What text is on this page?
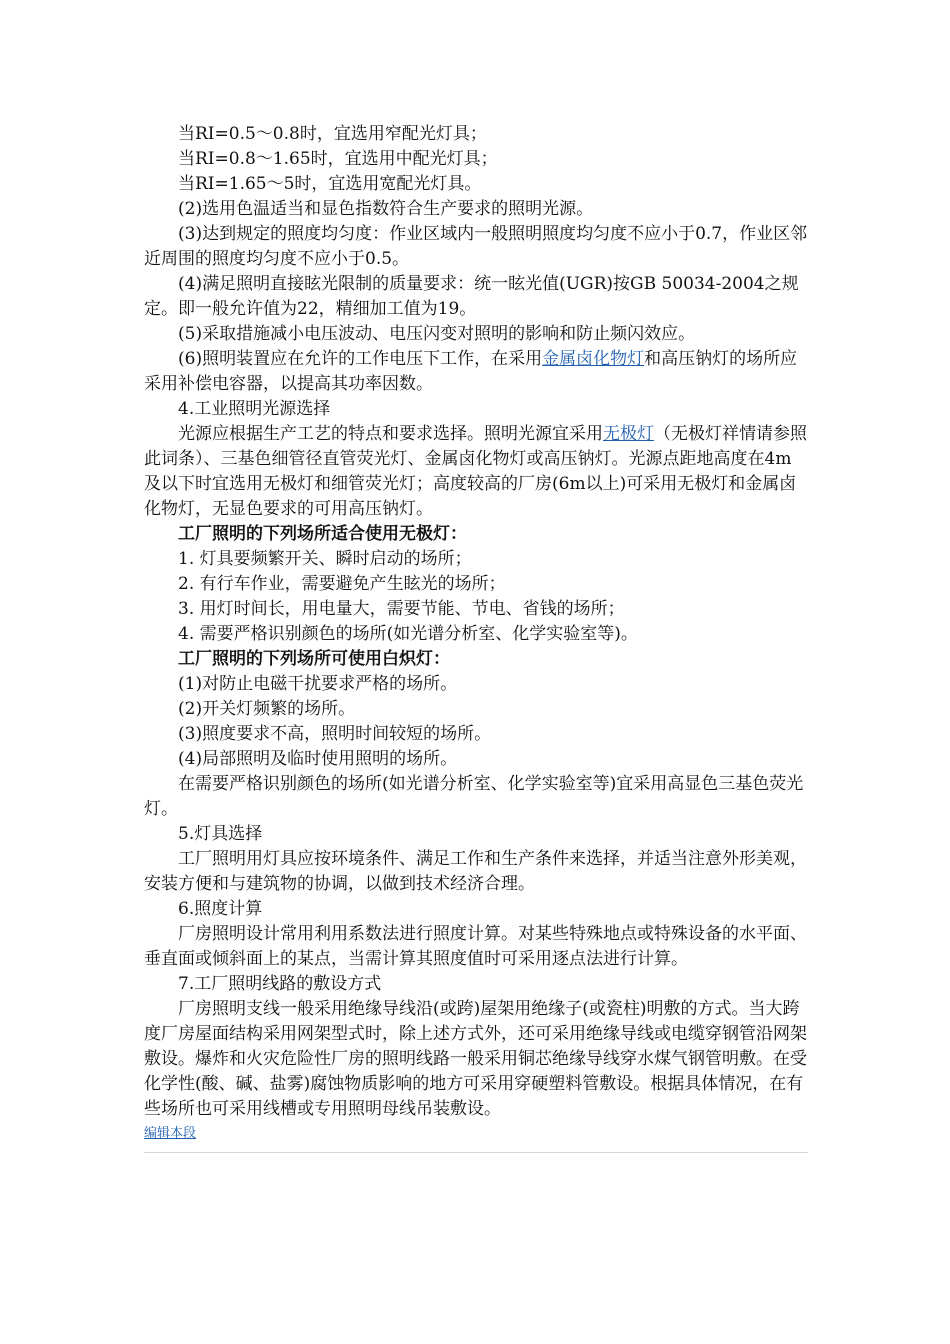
当RI=0.5～0.8时，宜选用窄配光灯具；

当RI=0.8～1.65时，宜选用中配光灯具；

当RI=1.65～5时，宜选用宽配光灯具。

(2)选用色温适当和显色指数符合生产要求的照明光源。

(3)达到规定的照度均匀度：作业区域内一般照明照度均匀度不应小于0.7，作业区邻近周围的照度均匀度不应小于0.5。

(4)满足照明直接眩光限制的质量要求：统一眩光值(UGR)按GB 50034-2004之规定。即一般允许值为22，精细加工值为19。

(5)采取措施减小电压波动、电压闪变对照明的影响和防止频闪效应。

(6)照明装置应在允许的工作电压下工作，在采用金属卤化物灯和高压钠灯的场所应采用补偿电容器，以提高其功率因数。

4.工业照明光源选择

光源应根据生产工艺的特点和要求选择。照明光源宜采用无极灯（无极灯祥情请参照此词条）、三基色细管径直管荧光灯、金属卤化物灯或高压钠灯。光源点距地高度在4m及以下时宜选用无极灯和细管荧光灯；高度较高的厂房(6m以上)可采用无极灯和金属卤化物灯，无显色要求的可用高压钠灯。

工厂照明的下列场所适合使用无极灯：

1. 灯具要频繁开关、瞬时启动的场所；

2. 有行车作业，需要避免产生眩光的场所；

3. 用灯时间长，用电量大，需要节能、节电、省钱的场所；

4. 需要严格识别颜色的场所(如光谱分析室、化学实验室等)。

工厂照明的下列场所可使用白炽灯：

(1)对防止电磁干扰要求严格的场所。

(2)开关灯频繁的场所。

(3)照度要求不高，照明时间较短的场所。

(4)局部照明及临时使用照明的场所。

在需要严格识别颜色的场所(如光谱分析室、化学实验室等)宜采用高显色三基色荧光灯。

5.灯具选择

工厂照明用灯具应按环境条件、满足工作和生产条件来选择，并适当注意外形美观，安装方便和与建筑物的协调，以做到技术经济合理。

6.照度计算

厂房照明设计常用利用系数法进行照度计算。对某些特殊地点或特殊设备的水平面、垂直面或倾斜面上的某点，当需计算其照度值时可采用逐点法进行计算。

7.工厂照明线路的敷设方式

厂房照明支线一般采用绝缘导线沿(或跨)屋架用绝缘子(或瓷柱)明敷的方式。当大跨度厂房屋面结构采用网架型式时，除上述方式外，还可采用绝缘导线或电缆穿钢管沿网架敷设。爆炸和火灾危险性厂房的照明线路一般采用铜芯绝缘导线穿水煤气钢管明敷。在受化学性(酸、碱、盐雾)腐蚀物质影响的地方可采用穿硬塑料管敷设。根据具体情况，在有些场所也可采用线槽或专用照明母线吊装敷设。

编辑本段
